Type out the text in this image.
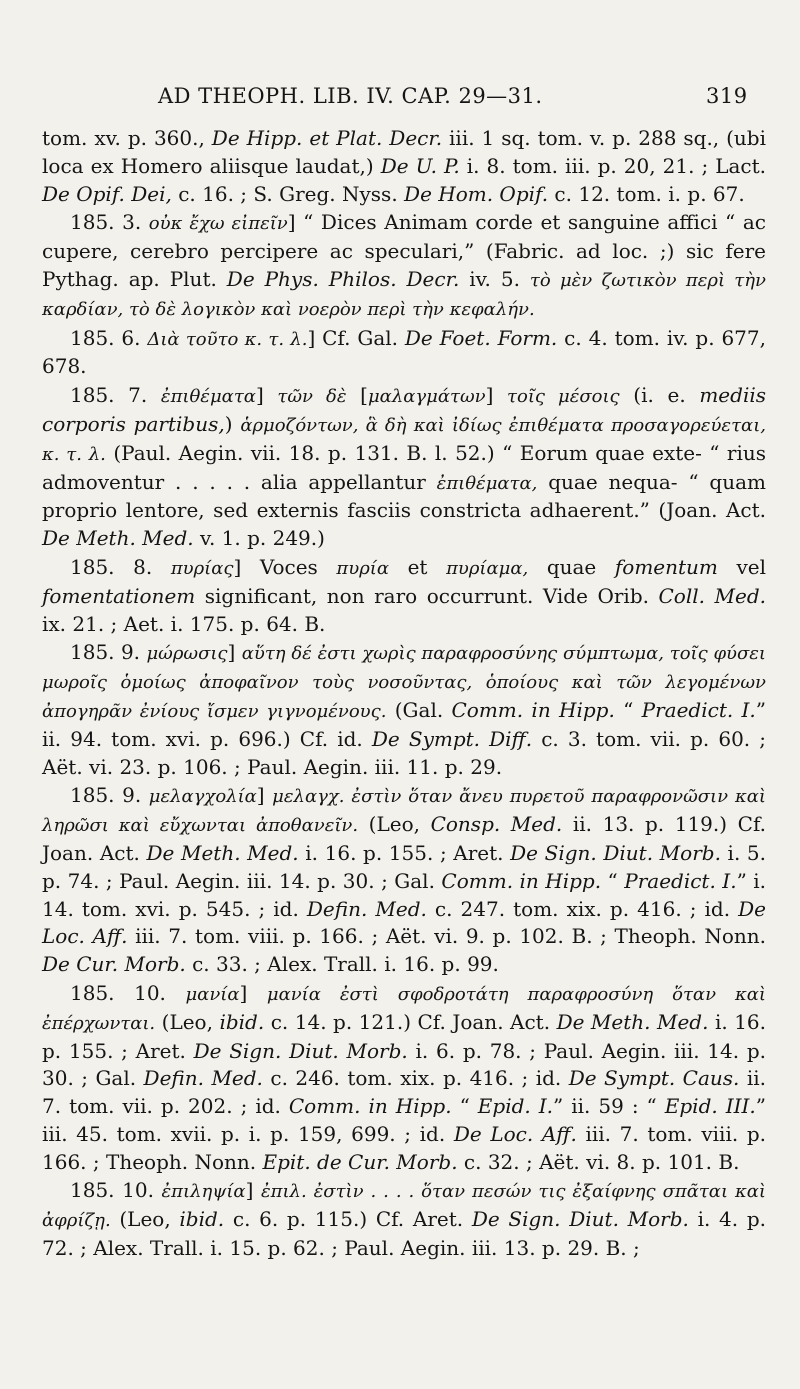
AD THEOPH. LIB. IV. CAP. 29—31.	319

tom. xv. p. 360., De Hipp. et Plat. Decr. iii. 1 sq. tom. v. p. 288 sq., (ubi loca ex Homero aliisque laudat,) De U. P. i. 8. tom. iii. p. 20, 21. ; Lact. De Opif. Dei, c. 16. ; S. Greg. Nyss. De Hom. Opif. c. 12. tom. i. p. 67.

185. 3. οὐκ ἔχω εἰπεῖν] “ Dices Animam corde et sanguine affici “ ac cupere, cerebro percipere ac speculari,” (Fabric. ad loc. ;) sic fere Pythag. ap. Plut. De Phys. Philos. Decr. iv. 5. τὸ μὲν ζωτικὸν περὶ τὴν καρδίαν, τὸ δὲ λογικὸν καὶ νοερὸν περὶ τὴν κεφαλήν.

185. 6. Διὰ τοῦτο κ. τ. λ.] Cf. Gal. De Foet. Form. c. 4. tom. iv. p. 677, 678.

185. 7. ἐπιθέματα] τῶν δὲ [μαλαγμάτων] τοῖς μέσοις (i. e. mediis corporis partibus,) ἁρμοζόντων, ἃ δὴ καὶ ἰδίως ἐπιθέματα προσαγορεύεται, κ. τ. λ. (Paul. Aegin. vii. 18. p. 131. B. l. 52.) “ Eorum quae exte- “ rius admoventur . . . . . alia appellantur ἐπιθέματα, quae nequa- “ quam proprio lentore, sed externis fasciis constricta adhaerent.” (Joan. Act. De Meth. Med. v. 1. p. 249.)

185. 8. πυρίας] Voces πυρία et πυρίαμα, quae fomentum vel fomentationem significant, non raro occurrunt. Vide Orib. Coll. Med. ix. 21. ; Aet. i. 175. p. 64. B.

185. 9. μώρωσις] αὕτη δέ ἐστι χωρὶς παραφροσύνης σύμπτωμα, τοῖς φύσει μωροῖς ὁμοίως ἀποφαῖνον τοὺς νοσοῦντας, ὁποίους καὶ τῶν λεγομένων ἀπογηρᾶν ἐνίους ἴσμεν γιγνομένους. (Gal. Comm. in Hipp. “ Praedict. I.” ii. 94. tom. xvi. p. 696.) Cf. id. De Sympt. Diff. c. 3. tom. vii. p. 60. ; Aët. vi. 23. p. 106. ; Paul. Aegin. iii. 11. p. 29.

185. 9. μελαγχολία] μελαγχ. ἐστὶν ὅταν ἄνευ πυρετοῦ παραφρονῶσιν καὶ ληρῶσι καὶ εὔχωνται ἀποθανεῖν. (Leo, Consp. Med. ii. 13. p. 119.) Cf. Joan. Act. De Meth. Med. i. 16. p. 155. ; Aret. De Sign. Diut. Morb. i. 5. p. 74. ; Paul. Aegin. iii. 14. p. 30. ; Gal. Comm. in Hipp. “ Praedict. I.” i. 14. tom. xvi. p. 545. ; id. Defin. Med. c. 247. tom. xix. p. 416. ; id. De Loc. Aff. iii. 7. tom. viii. p. 166. ; Aët. vi. 9. p. 102. B. ; Theoph. Nonn. De Cur. Morb. c. 33. ; Alex. Trall. i. 16. p. 99.

185. 10. μανία] μανία ἐστὶ σφοδροτάτη παραφροσύνη ὅταν καὶ ἐπέρχωνται. (Leo, ibid. c. 14. p. 121.) Cf. Joan. Act. De Meth. Med. i. 16. p. 155. ; Aret. De Sign. Diut. Morb. i. 6. p. 78. ; Paul. Aegin. iii. 14. p. 30. ; Gal. Defin. Med. c. 246. tom. xix. p. 416. ; id. De Sympt. Caus. ii. 7. tom. vii. p. 202. ; id. Comm. in Hipp. “ Epid. I.” ii. 59 : “ Epid. III.” iii. 45. tom. xvii. p. i. p. 159, 699. ; id. De Loc. Aff. iii. 7. tom. viii. p. 166. ; Theoph. Nonn. Epit. de Cur. Morb. c. 32. ; Aët. vi. 8. p. 101. B.

185. 10. ἐπιληψία] ἐπιλ. ἐστὶν . . . . ὅταν πεσών τις ἐξαίφνης σπᾶται καὶ ἀφρίζῃ. (Leo, ibid. c. 6. p. 115.) Cf. Aret. De Sign. Diut. Morb. i. 4. p. 72. ; Alex. Trall. i. 15. p. 62. ; Paul. Aegin. iii. 13. p. 29. B. ;
